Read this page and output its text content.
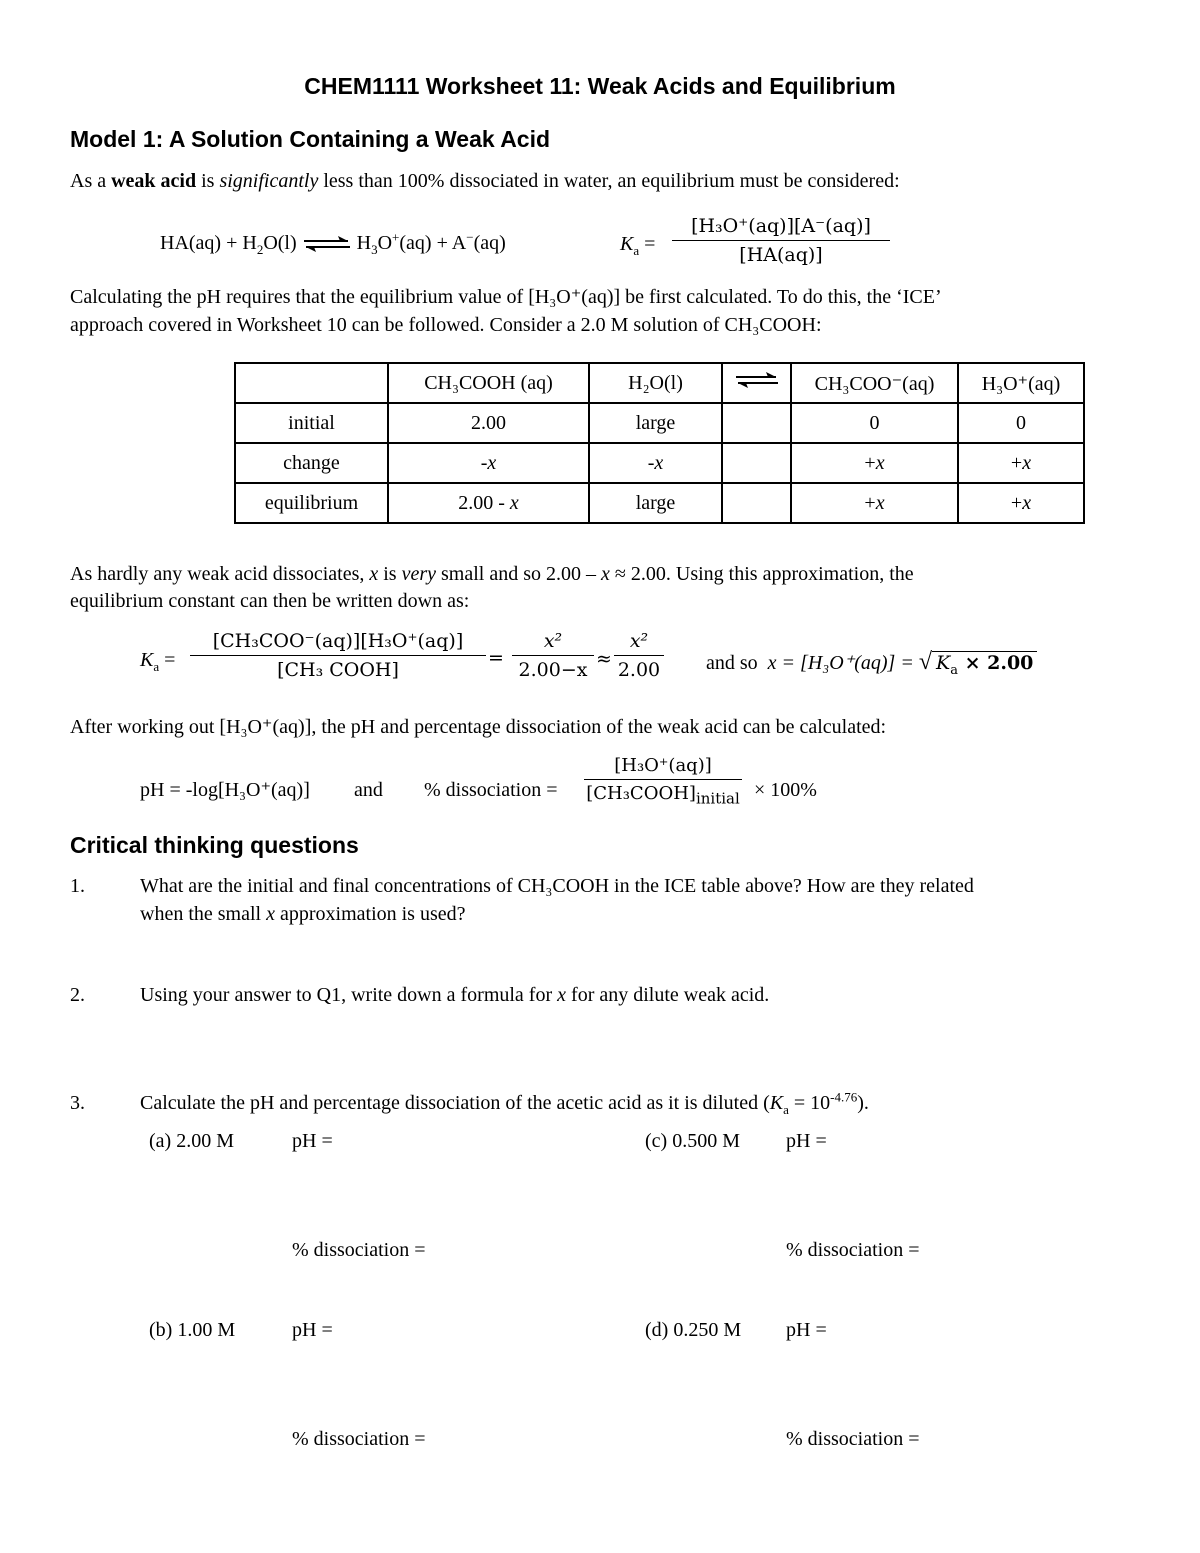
CHEM1111 Worksheet 11: Weak Acids and Equilibrium
Model 1: A Solution Containing a Weak Acid
As a weak acid is significantly less than 100% dissociated in water, an equilibrium must be considered:
$HA(aq) + H_2O(l)$ ⇌ $H_3O^+(aq) + A^-(aq)$	$K_a = \frac{\text{[H₃O⁺(aq)][A⁻(aq)]}}{[HA(aq)]}$
Calculating the pH requires that the equilibrium value of [H₃O⁺(aq)] be first calculated. To do this, the ‘ICE’
approach covered in Worksheet 10 can be followed. Consider a 2.0 M solution of CH₃COOH:
	CH₃COOH (aq)	H₂O(l)		CH₃COO⁻(aq)	H₃O⁺(aq)
initial	2.00	large		0	0
change	-x	-x		+x	+x
equilibrium	2.00 - x	large		+x	+x
As hardly any weak acid dissociates, x is very small and so 2.00 – x ≈ 2.00. Using this approximation, the
equilibrium constant can then be written down as:
$K_a$ =
[CH₃COO⁻(aq)][H₃O⁺(aq)]
[CH₃ COOH]
= $\frac{\text{x²}}{2.00-x} \approx \frac{\text{x²}}{2.00}$ and so x = [H₃O⁺(aq)] = √ $K_a \times 2.00$
After working out [H₃O⁺(aq)], the pH and percentage dissociation of the weak acid can be calculated:
pH = -log[H₃O⁺(aq)] and % dissociation =
[H₃O⁺(aq)]
$[CH_3COOH]_{initial} \times 100\%$
Critical thinking questions
1.	What are the initial and final concentrations of CH₃COOH in the ICE table above? How are they related
when the small x approximation is used?
2.	Using your answer to Q1, write down a formula for x for any dilute weak acid.
3.	Calculate the pH and percentage dissociation of the acetic acid as it is diluted $(K_a = 10^{-4.76})$.
(a) 2.00 M	pH =
% dissociation =
(c) 0.500 M pH =
% dissociation =
(b) 1.00 M	pH =
% dissociation =
(d) 0.250 M pH =
% dissociation =
